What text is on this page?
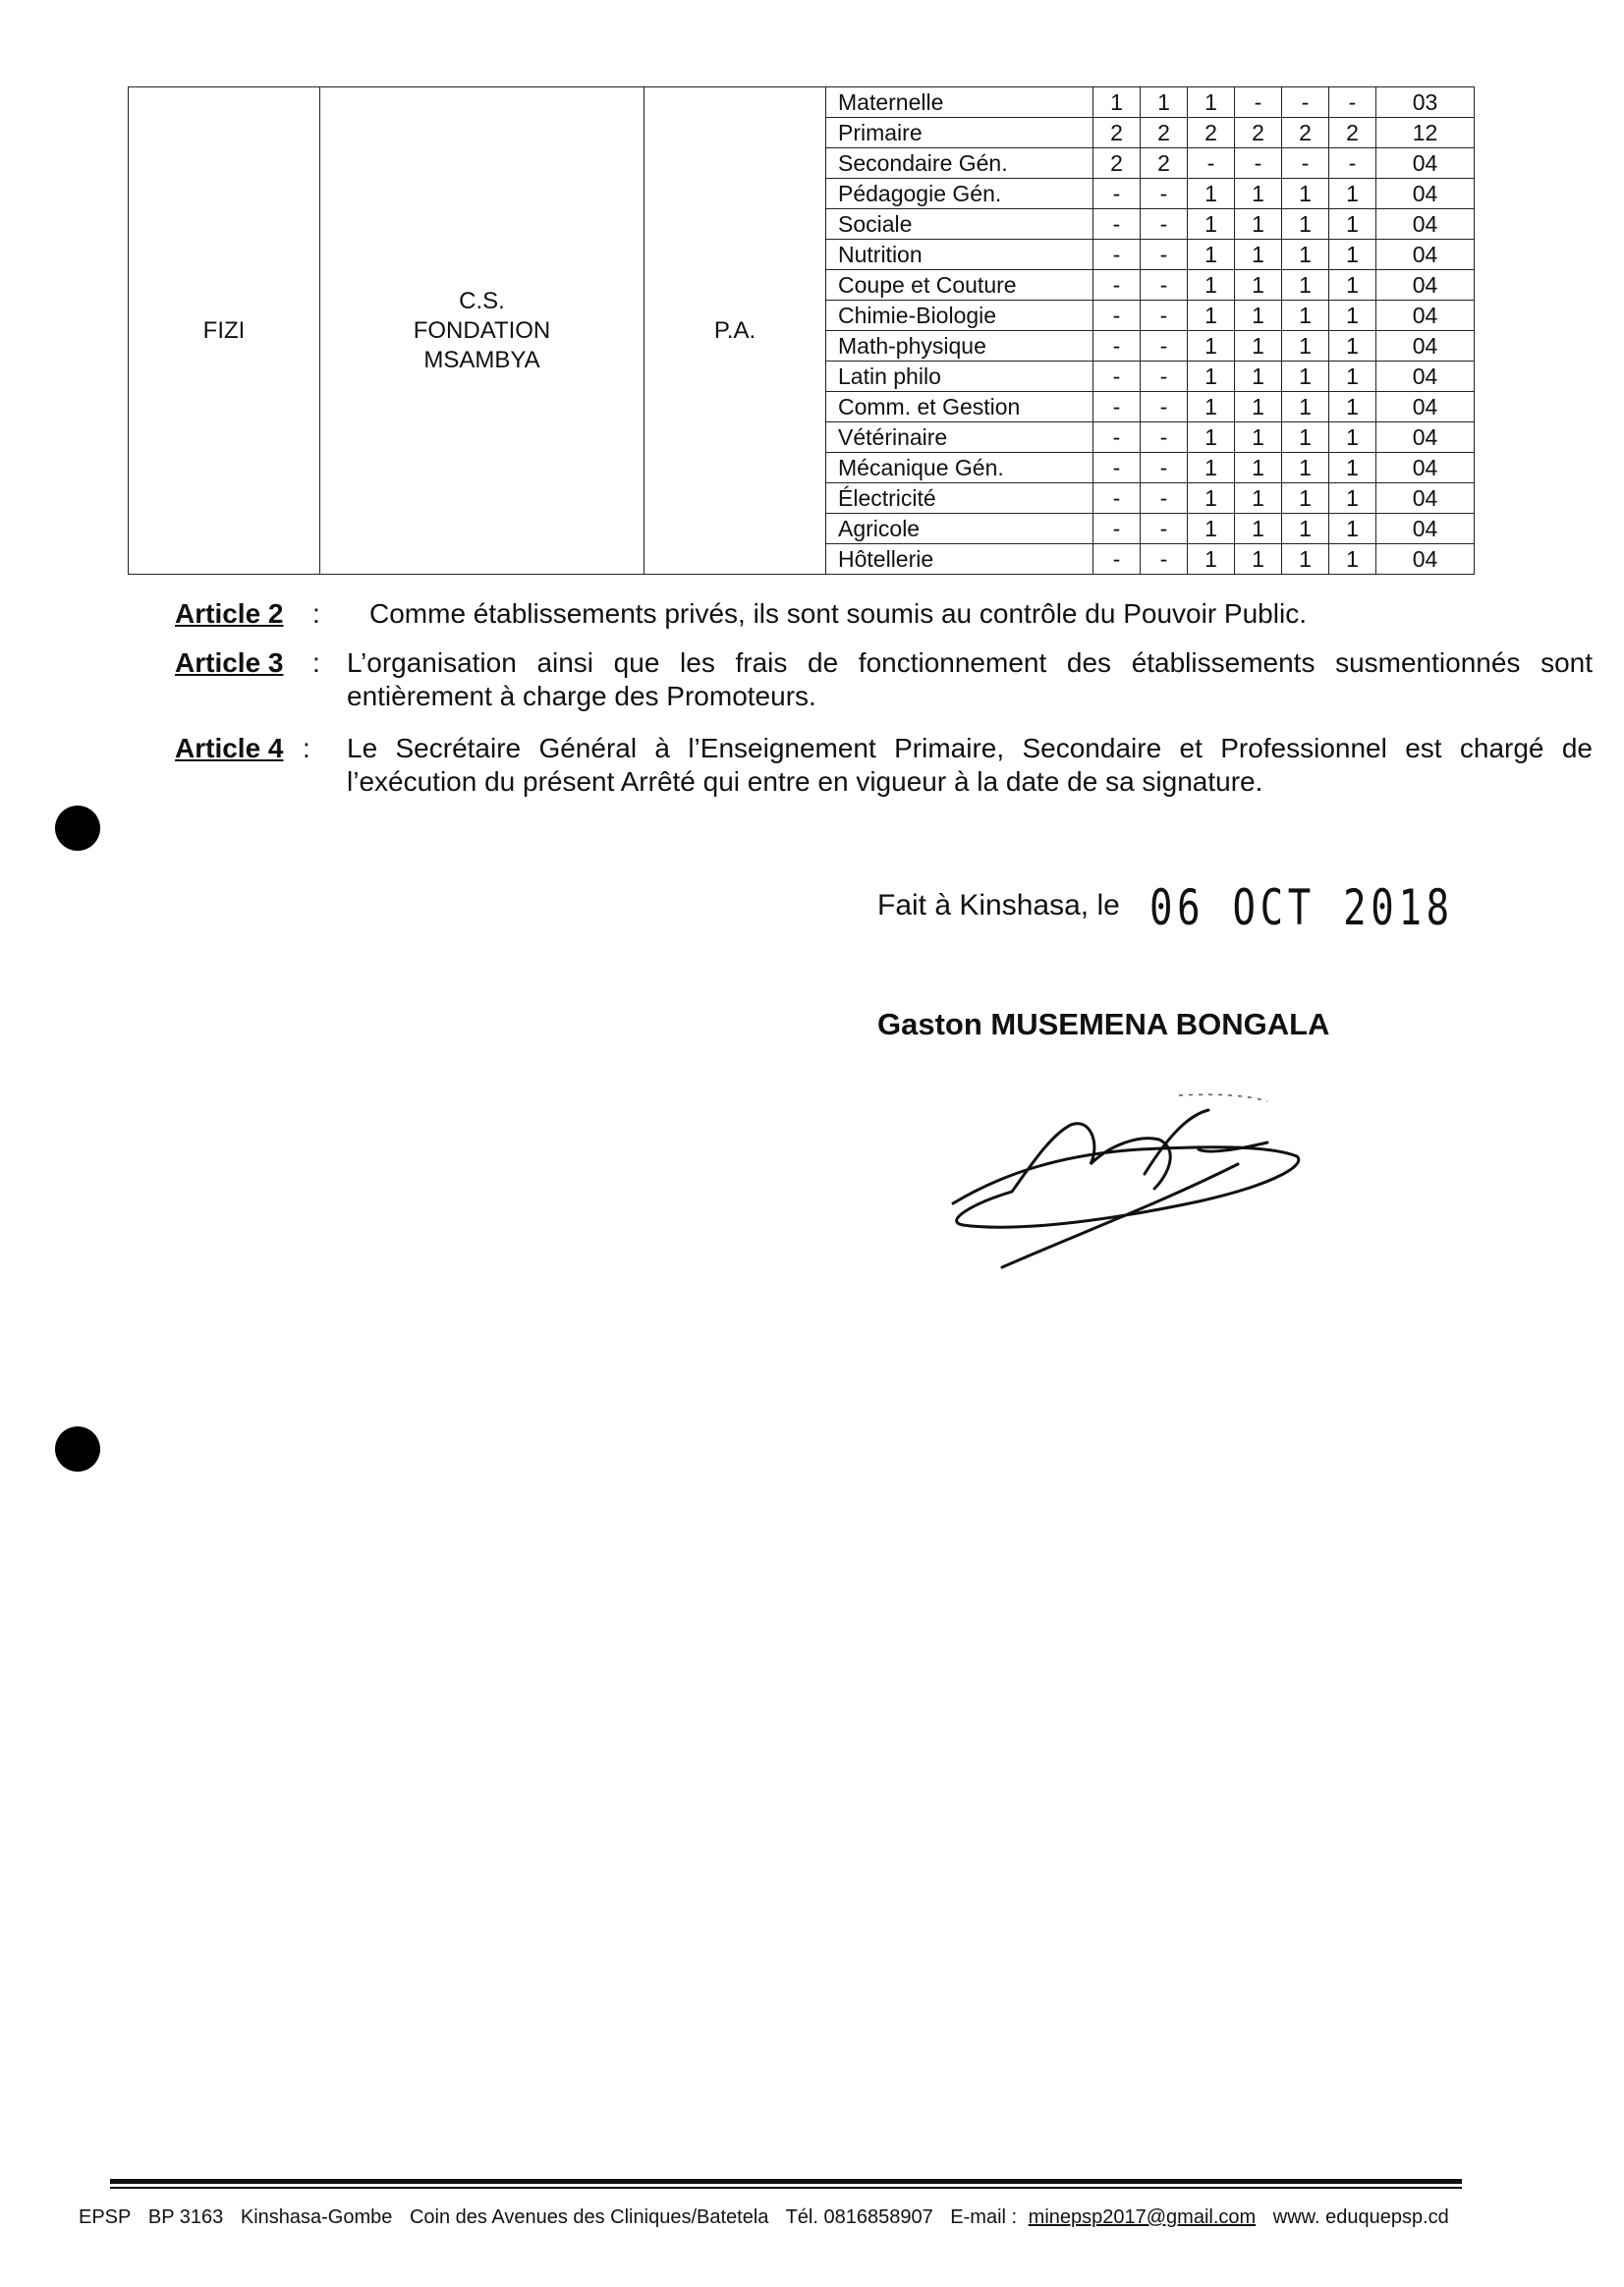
FIZI	C.S. FONDATION MSAMBYA	P.A.	Maternelle	1	1	1	-	-	-	03
			Primaire	2	2	2	2	2	2	12
			Secondaire Gén.	2	2	-	-	-	-	04
			Pédagogie Gén.	-	-	1	1	1	1	04
			Sociale	-	-	1	1	1	1	04
			Nutrition	-	-	1	1	1	1	04
			Coupe et Couture	-	-	1	1	1	1	04
			Chimie-Biologie	-	-	1	1	1	1	04
			Math-physique	-	-	1	1	1	1	04
			Latin philo	-	-	1	1	1	1	04
			Comm. et Gestion	-	-	1	1	1	1	04
			Vétérinaire	-	-	1	1	1	1	04
			Mécanique Gén.	-	-	1	1	1	1	04
			Électricité	-	-	1	1	1	1	04
			Agricole	-	-	1	1	1	1	04
			Hôtellerie	-	-	1	1	1	1	04
Article 2 : Comme établissements privés, ils sont soumis au contrôle du Pouvoir Public.
Article 3 : L’organisation ainsi que les frais de fonctionnement des établissements susmentionnés sont entièrement à charge des Promoteurs.
Article 4 : Le Secrétaire Général à l’Enseignement Primaire, Secondaire et Professionnel est chargé de l’exécution du présent Arrêté qui entre en vigueur à la date de sa signature.
Fait à Kinshasa, le 06 OCT 2018
Gaston MUSEMENA BONGALA
EPSP BP 3163 Kinshasa-Gombe Coin des Avenues des Cliniques/Batetela Tél. 0816858907 E-mail : minepsp2017@gmail.com www. eduquepsp.cd
